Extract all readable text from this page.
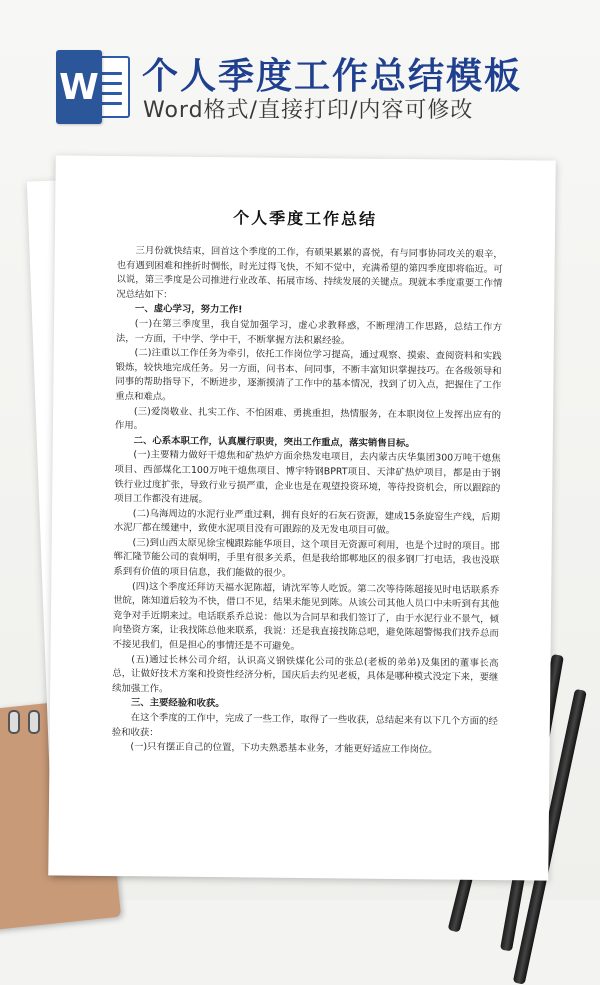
W 个人季度工作总结模板
Word格式/直接打印/内容可修改
个人季度工作总结

三月份就快结束，回首这个季度的工作，有硕果累累的喜悦，有与同事协同攻关的艰辛，也有遇到困难和挫折时惆怅，时光过得飞快，不知不觉中，充满希望的第四季度即将临近。可以说，第三季度是公司推进行业改革、拓展市场、持续发展的关键点。现就本季度重要工作情况总结如下：

一、虚心学习，努力工作!

(一)在第三季度里，我自觉加强学习，虚心求教释惑，不断理清工作思路，总结工作方法，一方面，干中学、学中干，不断掌握方法积累经验。

(二)注重以工作任务为牵引，依托工作岗位学习提高，通过观察、摸索、查阅资料和实践锻炼，较快地完成任务。另一方面，问书本、问同事，不断丰富知识掌握技巧。在各级领导和同事的帮助指导下，不断进步，逐渐摸清了工作中的基本情况，找到了切入点，把握住了工作重点和难点。

(三)爱岗敬业、扎实工作、不怕困难、勇挑重担，热情服务，在本职岗位上发挥出应有的作用。

二、心系本职工作，认真履行职责，突出工作重点，落实销售目标。

(一)主要精力做好干熄焦和矿热炉方面余热发电项目，去内蒙古庆华集团300万吨干熄焦项目、西部煤化工100万吨干熄焦项目、博宇特钢BPRT项目、天津矿热炉项目，都是由于钢铁行业过度扩张，导致行业亏损严重，企业也是在观望投资环境，等待投资机会，所以跟踪的项目工作都没有进展。

(二)乌海周边的水泥行业严重过剩，拥有良好的石灰石资源，建成15条旋窑生产线，后期水泥厂都在缓建中，致使水泥项目没有可跟踪的及无发电项目可做。

(三)到山西太原见徐宝槐跟踪能华项目，这个项目无资源可利用，也是个过时的项目。邯郸汇隆节能公司的袁炯明，手里有很多关系，但是我给邯郸地区的很多钢厂打电话，我也没联系到有价值的项目信息，我们能做的很少。

(四)这个季度还拜访天福水泥陈超，请沈军等人吃饭。第二次等待陈超接见时电话联系乔世皖，陈知道后较为不快，借口不见，结果未能见到陈。从该公司其他人员口中未听到有其他竞争对手近期来过。电话联系乔总说：他以为合同早和我们签订了，由于水泥行业不景气，倾向垫资方案，让我找陈总他来联系，我说：还是我直接找陈总吧，避免陈超警惕我们找乔总而不接见我们，但是担心的事情还是不可避免。

(五)通过长林公司介绍，认识高义钢铁煤化公司的张总(老板的弟弟)及集团的董事长高总，让做好技术方案和投资性经济分析，国庆后去约见老板，具体是哪种模式没定下来，要继续加强工作。

三、主要经验和收获。

在这个季度的工作中，完成了一些工作，取得了一些收获，总结起来有以下几个方面的经验和收获：

(一)只有摆正自己的位置，下功夫熟悉基本业务，才能更好适应工作岗位。
